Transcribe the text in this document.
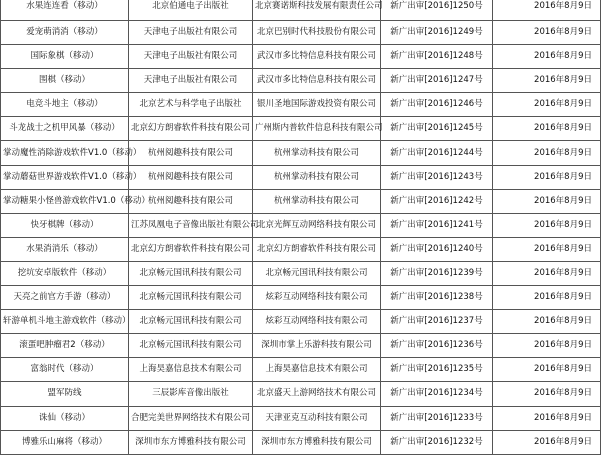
水果连连看（移动）	北京伯通电子出版社	北京赛诺斯科技发展有限责任公司	新广出审[2016]1250号	2016年8月9日
爱宠萌消消（移动）	天津电子出版社有限公司	北京巴别时代科技股份有限公司	新广出审[2016]1249号	2016年8月9日
国际象棋（移动）	天津电子出版社有限公司	武汉市多比特信息科技有限公司	新广出审[2016]1248号	2016年8月9日
围棋（移动）	天津电子出版社有限公司	武汉市多比特信息科技有限公司	新广出审[2016]1247号	2016年8月9日
电竞斗地主（移动）	北京艺术与科学电子出版社	银川圣地国际游戏投资有限公司	新广出审[2016]1246号	2016年8月9日
斗龙战士之机甲风暴（移动）	北京幻方朗睿软件科技有限公司	广州斯内普软件信息科技有限公司	新广出审[2016]1245号	2016年8月9日
掌动魔性消除游戏软件V1.0（移动）	杭州阅趣科技有限公司	杭州掌动科技有限公司	新广出审[2016]1244号	2016年8月9日
掌动蘑菇世界游戏软件V1.0（移动）	杭州阅趣科技有限公司	杭州掌动科技有限公司	新广出审[2016]1243号	2016年8月9日
掌动糖果小怪兽游戏软件V1.0（移动）	杭州阅趣科技有限公司	杭州掌动科技有限公司	新广出审[2016]1242号	2016年8月9日
快牙棋牌（移动）	江苏凤凰电子音像出版社有限公司	北京光辉互动网络科技有限公司	新广出审[2016]1241号	2016年8月9日
水果消消乐（移动）	北京幻方朗睿软件科技有限公司	北京幻方朗睿软件科技有限公司	新广出审[2016]1240号	2016年8月9日
挖坑安卓版软件（移动）	北京畅元国讯科技有限公司	北京畅元国讯科技有限公司	新广出审[2016]1239号	2016年8月9日
天亮之前官方手游（移动）	北京畅元国讯科技有限公司	炫彩互动网络科技有限公司	新广出审[2016]1238号	2016年8月9日
轩游单机斗地主游戏软件（移动）	北京畅元国讯科技有限公司	炫彩互动网络科技有限公司	新广出审[2016]1237号	2016年8月9日
滚蛋吧肿瘤君2（移动）	北京畅元国讯科技有限公司	深圳市掌上乐游科技有限公司	新广出审[2016]1236号	2016年8月9日
富翁时代（移动）	上海昊嘉信息技术有限公司	上海昊嘉信息技术有限公司	新广出审[2016]1235号	2016年8月9日
盟军防线	三辰影库音像出版社	北京盛天上游网络技术有限公司	新广出审[2016]1234号	2016年8月9日
诛仙（移动）	合肥完美世界网络技术有限公司	天津亚克互动科技有限公司	新广出审[2016]1233号	2016年8月9日
博雅乐山麻将（移动）	深圳市东方博雅科技有限公司	深圳市东方博雅科技有限公司	新广出审[2016]1232号	2016年8月9日
